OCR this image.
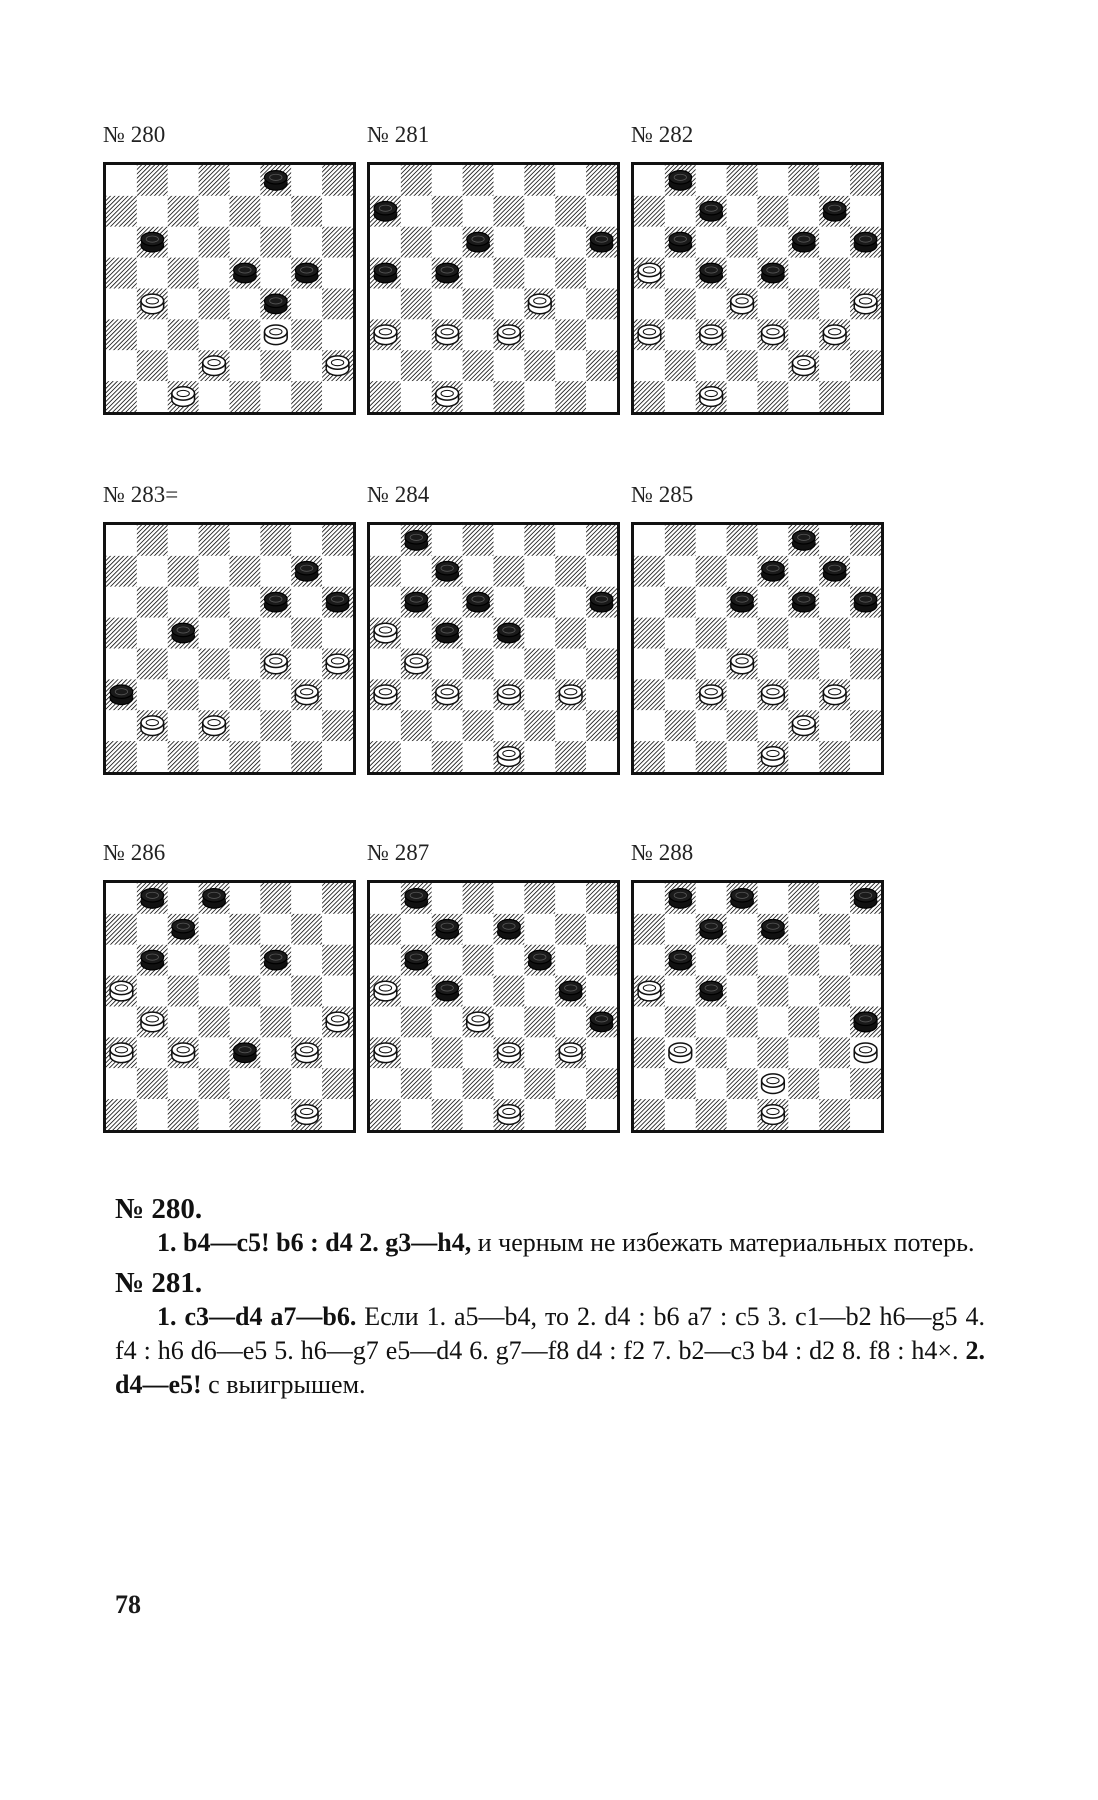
№ 280	№ 281	№ 282
№ 283=	№ 284	№ 285
№ 286	№ 287	№ 288
№ 280.
1. b4—c5! b6 : d4 2. g3—h4, и черным не избежать материальных потерь.
№ 281.
1. c3—d4 a7—b6. Если 1. a5—b4, то 2. d4 : b6 a7 : c5 3. c1—b2 h6—g5 4. f4 : h6 d6—e5 5. h6—g7 e5—d4 6. g7—f8 d4 : f2 7. b2—c3 b4 : d2 8. f8 : h4×. 2. d4—e5! с выигрышем.
78
